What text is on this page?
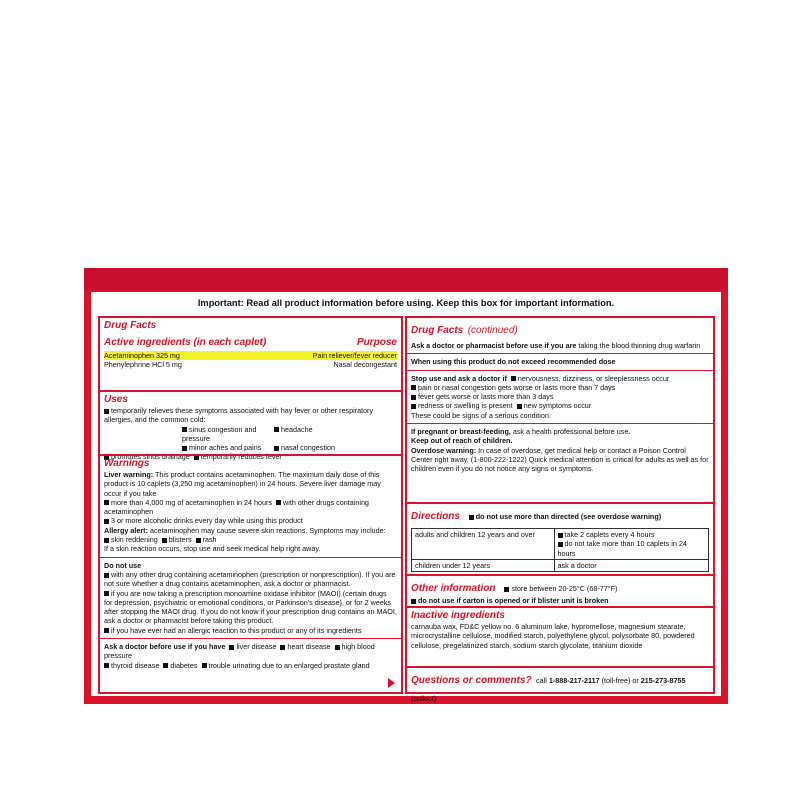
Important: Read all product information before using. Keep this box for important information.
Drug Facts
Active ingredients (in each caplet)	Purpose
Acetaminophen 325 mg	Pain reliever/fever reducer
Phenylephrine HCl 5 mg	Nasal decongestant
Uses
temporarily relieves these symptoms associated with hay fever or other respiratory allergies, and the common cold:
sinus congestion and pressure
headache
minor aches and pains	nasal congestion
promotes sinus drainage temporarily reduces fever
Warnings
Liver warning: This product contains acetaminophen. The maximum daily dose of this product is 10 caplets (3,250 mg acetaminophen) in 24 hours. Severe liver damage may occur if you take
more than 4,000 mg of acetaminophen in 24 hours with other drugs containing acetaminophen
3 or more alcoholic drinks every day while using this product
Allergy alert: acetaminophen may cause severe skin reactions. Symptoms may include:
skin reddening blisters rash
If a skin reaction occurs, stop use and seek medical help right away.
Do not use
with any other drug containing acetaminophen (prescription or nonprescription). If you are not sure whether a drug contains acetaminophen, ask a doctor or pharmacist.
if you are now taking a prescription monoamine oxidase inhibitor (MAOI) (certain drugs for depression, psychiatric or emotional conditions, or Parkinson's disease), or for 2 weeks after stopping the MAOI drug. If you do not know if your prescription drug contains an MAOI, ask a doctor or pharmacist before taking this product.
if you have ever had an allergic reaction to this product or any of its ingredients
Ask a doctor before use if you have liver disease heart disease high blood pressure
thyroid disease diabetes trouble urinating due to an enlarged prostate gland
Drug Facts (continued)
Ask a doctor or pharmacist before use if you are taking the blood thinning drug warfarin
When using this product do not exceed recommended dose
Stop use and ask a doctor if nervousness, dizziness, or sleeplessness occur
pain or nasal congestion gets worse or lasts more than 7 days
fever gets worse or lasts more than 3 days
redness or swelling is present new symptoms occur
These could be signs of a serious condition.
If pregnant or breast-feeding, ask a health professional before use.
Keep out of reach of children.
Overdose warning: In case of overdose, get medical help or contact a Poison Control Center right away. (1-800-222-1222) Quick medical attention is critical for adults as well as for children even if you do not notice any signs or symptoms.
Directions do not use more than directed (see overdose warning)
adults and children 12 years and over	take 2 caplets every 4 hours
do not take more than 10 caplets in 24 hours
children under 12 years	ask a doctor
Other information store between 20-25°C (68-77°F)
do not use if carton is opened or if blister unit is broken
Inactive ingredients
carnauba wax, FD&C yellow no. 6 aluminum lake, hypromellose, magnesium stearate, microcrystalline cellulose, modified starch, polyethylene glycol, polysorbate 80, powdered cellulose, pregelatinized starch, sodium starch glycolate, titanium dioxide
Questions or comments? call 1-888-217-2117 (toll-free) or 215-273-8755 (collect)
